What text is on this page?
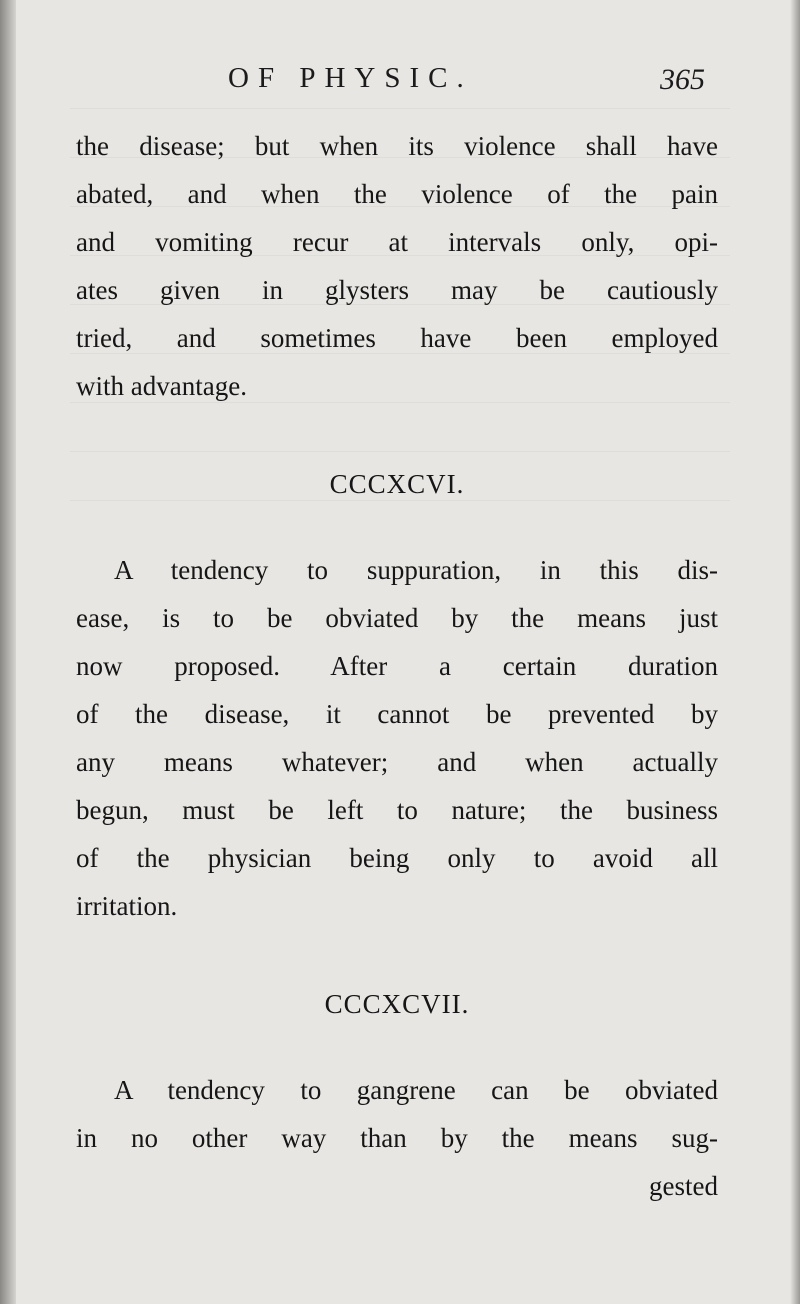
OF PHYSIC.	365
the disease; but when its violence shall have
abated, and when the violence of the pain
and vomiting recur at intervals only, opi-
ates given in glysters may be cautiously
tried, and sometimes have been employed
with advantage.
CCCXCVI.
A tendency to suppuration, in this dis-
ease, is to be obviated by the means just
now proposed. After a certain duration
of the disease, it cannot be prevented by
any means whatever; and when actually
begun, must be left to nature; the business
of the physician being only to avoid all
irritation.
CCCXCVII.
A tendency to gangrene can be obviated
in no other way than by the means sug-
gested
